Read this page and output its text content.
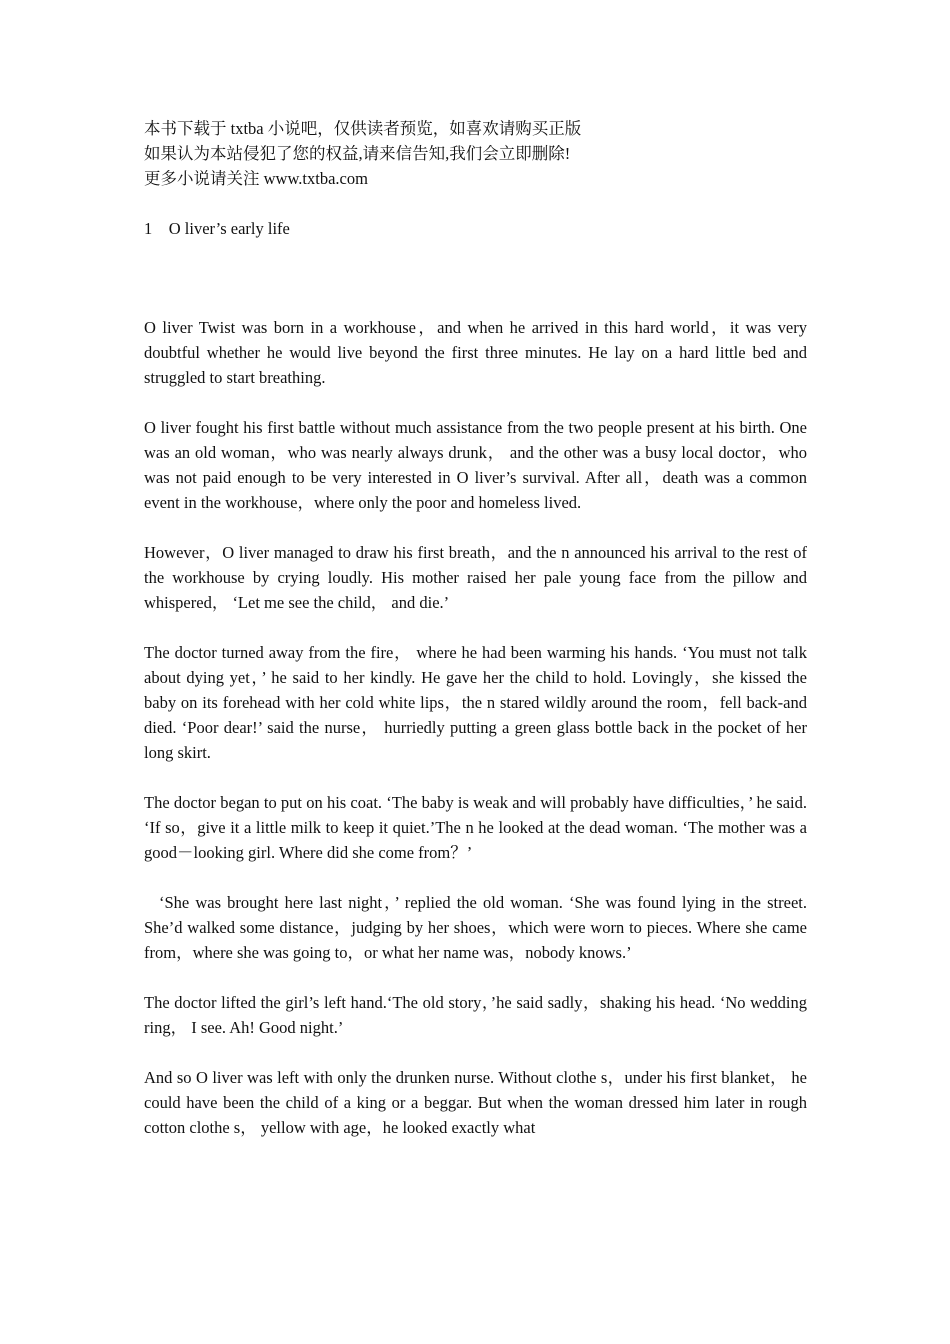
本书下载于 txtba 小说吧，仅供读者预览，如喜欢请购买正版

如果认为本站侵犯了您的权益,请来信告知,我们会立即删除!

更多小说请关注 www.txtba.com

1 O liver’s early life

O liver Twist was born in a workhouse，and when he arrived in this hard world，it was very doubtful whether he would live beyond the first three minutes. He lay on a hard little bed and struggled to start breathing.

O liver fought his first battle without much assistance from the two people present at his birth. One was an old woman，who was nearly always drunk， and the other was a busy local doctor，who was not paid enough to be very interested in O liver’s survival. After all，death was a common event in the workhouse，where only the poor and homeless lived.

However，O liver managed to draw his first breath，and the n announced his arrival to the rest of the workhouse by crying loudly. His mother raised her pale young face from the pillow and whispered， ‘Let me see the child， and die.’

The doctor turned away from the fire， where he had been warming his hands. ‘You must not talk about dying yet，’ he said to her kindly. He gave her the child to hold. Lovingly，she kissed the baby on its forehead with her cold white lips，the n stared wildly around the room，fell back-and died. ‘Poor dear!’ said the nurse， hurriedly putting a green glass bottle back in the pocket of her long skirt.

The doctor began to put on his coat. ‘The baby is weak and will probably have difficulties，’ he said. ‘If so，give it a little milk to keep it quiet.’The n he looked at the dead woman. ‘The mother was a good－looking girl. Where did she come from？’

‘She was brought here last night，’ replied the old woman. ‘She was found lying in the street. She’d walked some distance，judging by her shoes，which were worn to pieces. Where she came from，where she was going to，or what her name was，nobody knows.’

The doctor lifted the girl’s left hand.‘The old story，’he said sadly，shaking his head. ‘No wedding ring， I see. Ah! Good night.’

And so O liver was left with only the drunken nurse. Without clothe s，under his first blanket， he could have been the child of a king or a beggar. But when the woman dressed him later in rough cotton clothe s， yellow with age，he looked exactly what
